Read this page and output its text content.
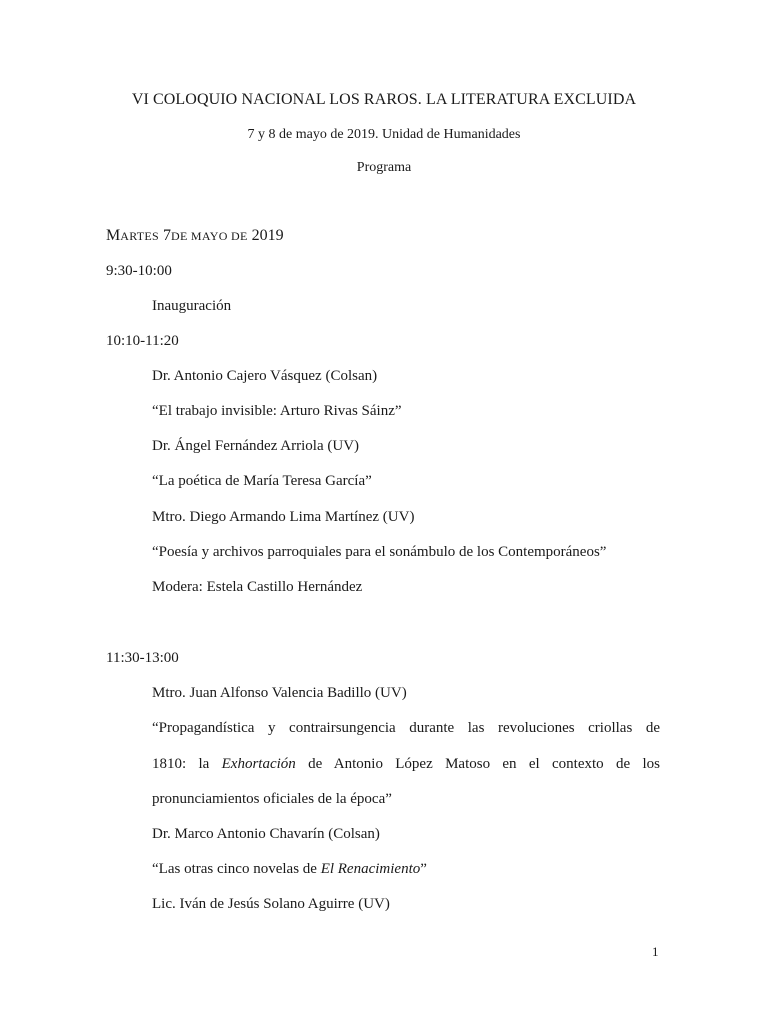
VI COLOQUIO NACIONAL LOS RAROS. LA LITERATURA EXCLUIDA
7 y 8 de mayo de 2019. Unidad de Humanidades
Programa
MARTES 7DE MAYO DE 2019
9:30-10:00
Inauguración
10:10-11:20
Dr. Antonio Cajero Vásquez (Colsan)
“El trabajo invisible: Arturo Rivas Sáinz”
Dr. Ángel Fernández Arriola (UV)
“La poética de María Teresa García”
Mtro. Diego Armando Lima Martínez (UV)
“Poesía y archivos parroquiales para el sonámbulo de los Contemporáneos”
Modera: Estela Castillo Hernández
11:30-13:00
Mtro. Juan Alfonso Valencia Badillo (UV)
“Propagandística y contrairsungencia durante las revoluciones criollas de
1810: la Exhortación de Antonio López Matoso en el contexto de los
pronunciamientos oficiales de la época”
Dr. Marco Antonio Chavarín (Colsan)
“Las otras cinco novelas de El Renacimiento”
Lic. Iván de Jesús Solano Aguirre (UV)
1
